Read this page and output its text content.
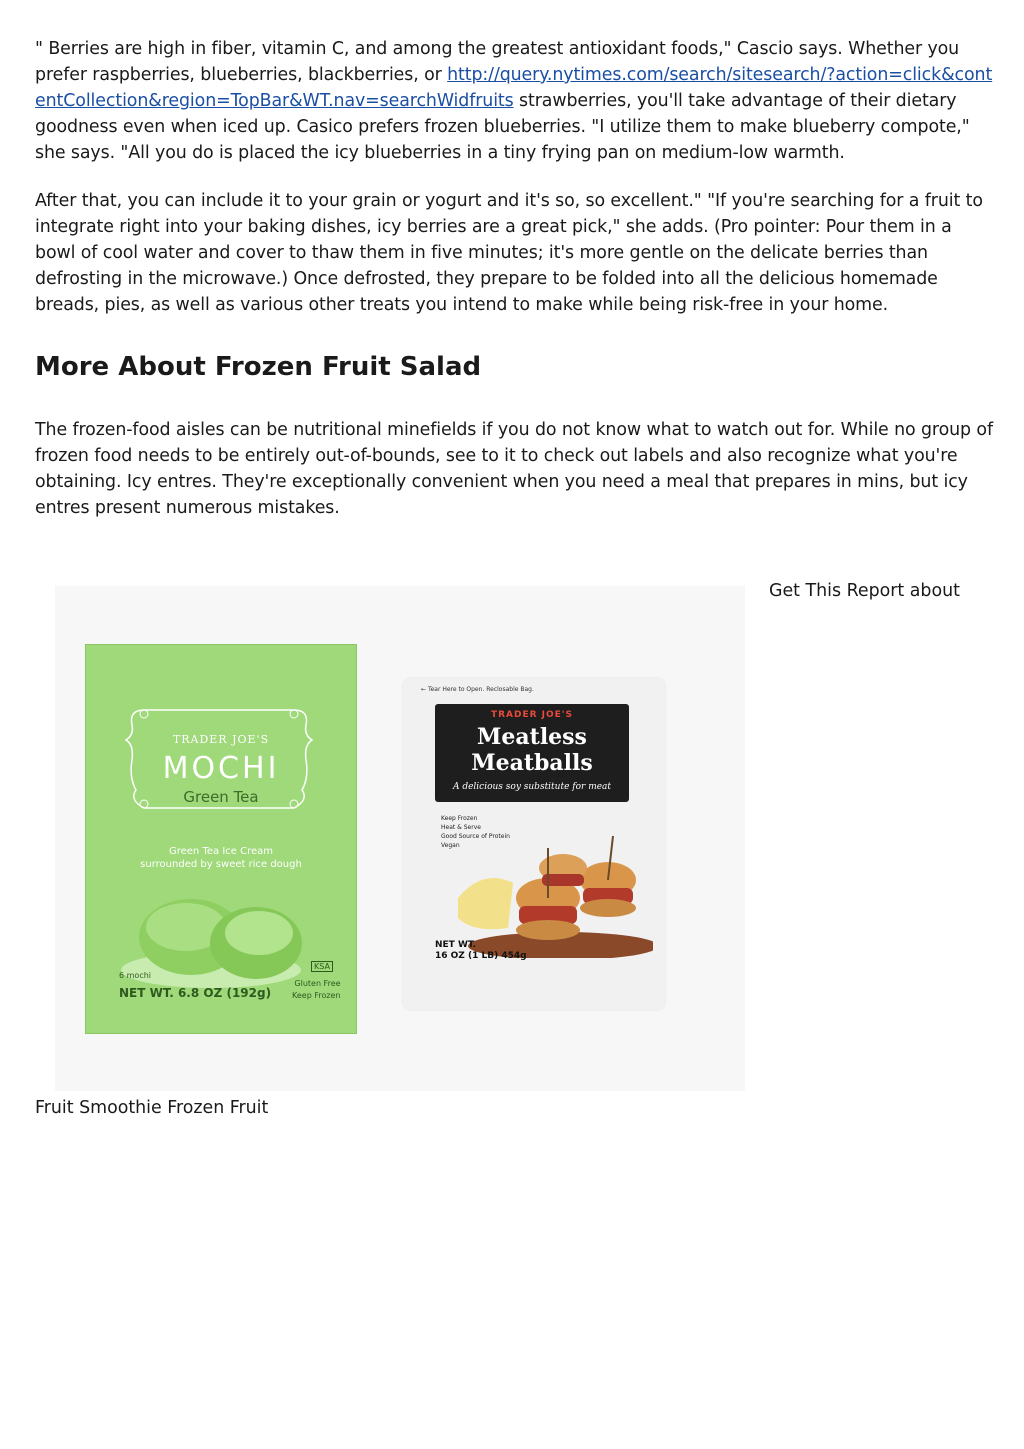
" Berries are high in fiber, vitamin C, and among the greatest antioxidant foods," Cascio says. Whether you prefer raspberries, blueberries, blackberries, or http://query.nytimes.com/search/sitesearch/?action=click&contentCollection&region=TopBar&WT.nav=searchWidfruits strawberries, you'll take advantage of their dietary goodness even when iced up. Casico prefers frozen blueberries. "I utilize them to make blueberry compote," she says. "All you do is placed the icy blueberries in a tiny frying pan on medium-low warmth.

After that, you can include it to your grain or yogurt and it's so, so excellent." "If you're searching for a fruit to integrate right into your baking dishes, icy berries are a great pick," she adds. (Pro pointer: Pour them in a bowl of cool water and cover to thaw them in five minutes; it's more gentle on the delicate berries than defrosting in the microwave.) Once defrosted, they prepare to be folded into all the delicious homemade breads, pies, as well as various other treats you intend to make while being risk-free in your home.

More About Frozen Fruit Salad

The frozen-food aisles can be nutritional minefields if you do not know what to watch out for. While no group of frozen food needs to be entirely out-of-bounds, see to it to check out labels and also recognize what you're obtaining. Icy entres. They're exceptionally convenient when you need a meal that prepares in mins, but icy entres present numerous mistakes.

Get This Report about
TRADER JOE'S
MOCHI
Green Tea
Green Tea Ice Cream
surrounded by sweet rice dough
6 mochi
NET WT. 6.8 OZ (192g)
KSA
Gluten Free
Keep Frozen
← Tear Here to Open. Reclosable Bag.
TRADER JOE'S
Meatless
Meatballs
A delicious soy substitute for meat
Keep Frozen
Heat & Serve
Good Source of Protein
Vegan
NET WT.
16 OZ (1 LB) 454g
Fruit Smoothie Frozen Fruit
